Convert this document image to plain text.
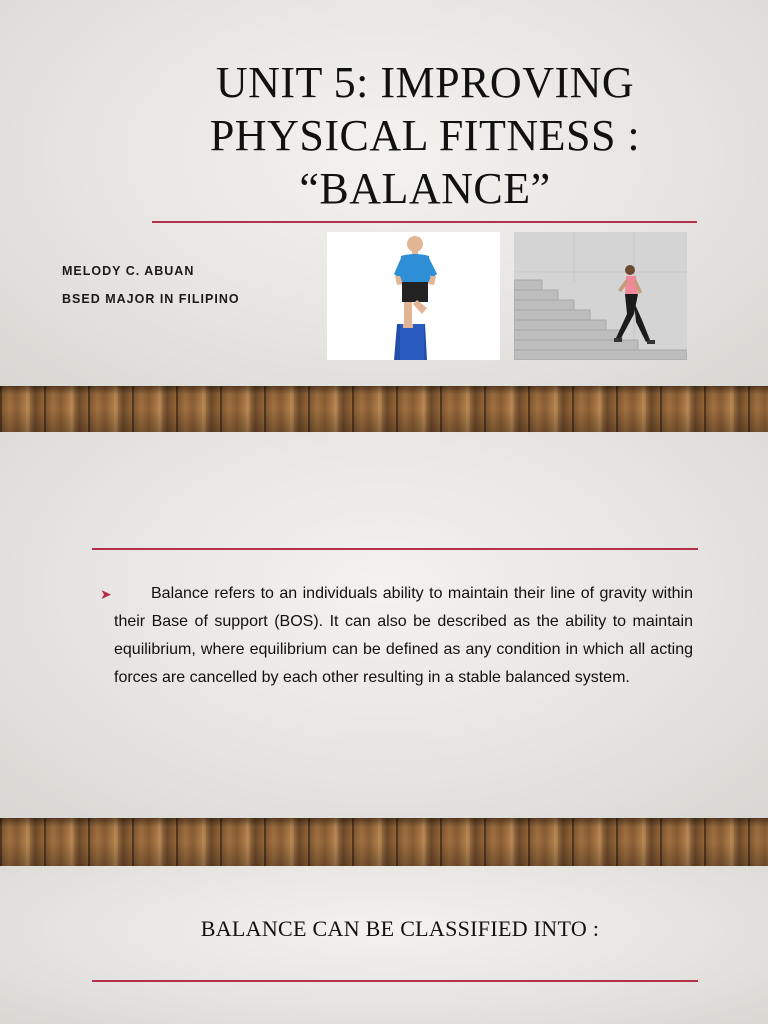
UNIT 5: IMPROVING PHYSICAL FITNESS : “BALANCE”
MELODY C. ABUAN
BSED MAJOR IN FILIPINO
➤	Balance refers to an individuals ability to maintain their line of gravity within their Base of support (BOS). It can also be described as the ability to maintain equilibrium, where equilibrium can be defined as any condition in which all acting forces are cancelled by each other resulting in a stable balanced system.
BALANCE CAN BE CLASSIFIED INTO :
